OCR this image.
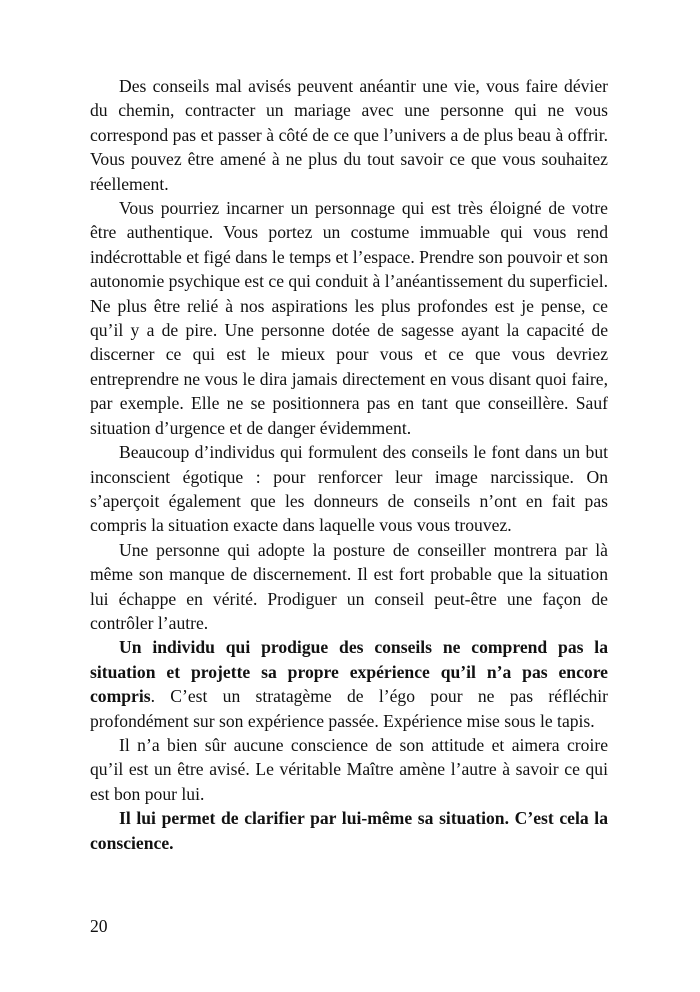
Des conseils mal avisés peuvent anéantir une vie, vous faire dévier du chemin, contracter un mariage avec une personne qui ne vous correspond pas et passer à côté de ce que l’univers a de plus beau à offrir. Vous pouvez être amené à ne plus du tout savoir ce que vous souhaitez réellement.

Vous pourriez incarner un personnage qui est très éloigné de votre être authentique. Vous portez un costume immuable qui vous rend indécrottable et figé dans le temps et l’espace. Prendre son pouvoir et son autonomie psychique est ce qui conduit à l’anéantissement du superficiel. Ne plus être relié à nos aspirations les plus profondes est je pense, ce qu’il y a de pire. Une personne dotée de sagesse ayant la capacité de discerner ce qui est le mieux pour vous et ce que vous devriez entreprendre ne vous le dira jamais directement en vous disant quoi faire, par exemple. Elle ne se positionnera pas en tant que conseillère. Sauf situation d’urgence et de danger évidemment.

Beaucoup d’individus qui formulent des conseils le font dans un but inconscient égotique : pour renforcer leur image narcissique. On s’aperçoit également que les donneurs de conseils n’ont en fait pas compris la situation exacte dans laquelle vous vous trouvez.

Une personne qui adopte la posture de conseiller montrera par là même son manque de discernement. Il est fort probable que la situation lui échappe en vérité. Prodiguer un conseil peut-être une façon de contrôler l’autre.

Un individu qui prodigue des conseils ne comprend pas la situation et projette sa propre expérience qu’il n’a pas encore compris. C’est un stratagème de l’égo pour ne pas réfléchir profondément sur son expérience passée. Expérience mise sous le tapis.

Il n’a bien sûr aucune conscience de son attitude et aimera croire qu’il est un être avisé. Le véritable Maître amène l’autre à savoir ce qui est bon pour lui.

Il lui permet de clarifier par lui-même sa situation. C’est cela la conscience.

20
